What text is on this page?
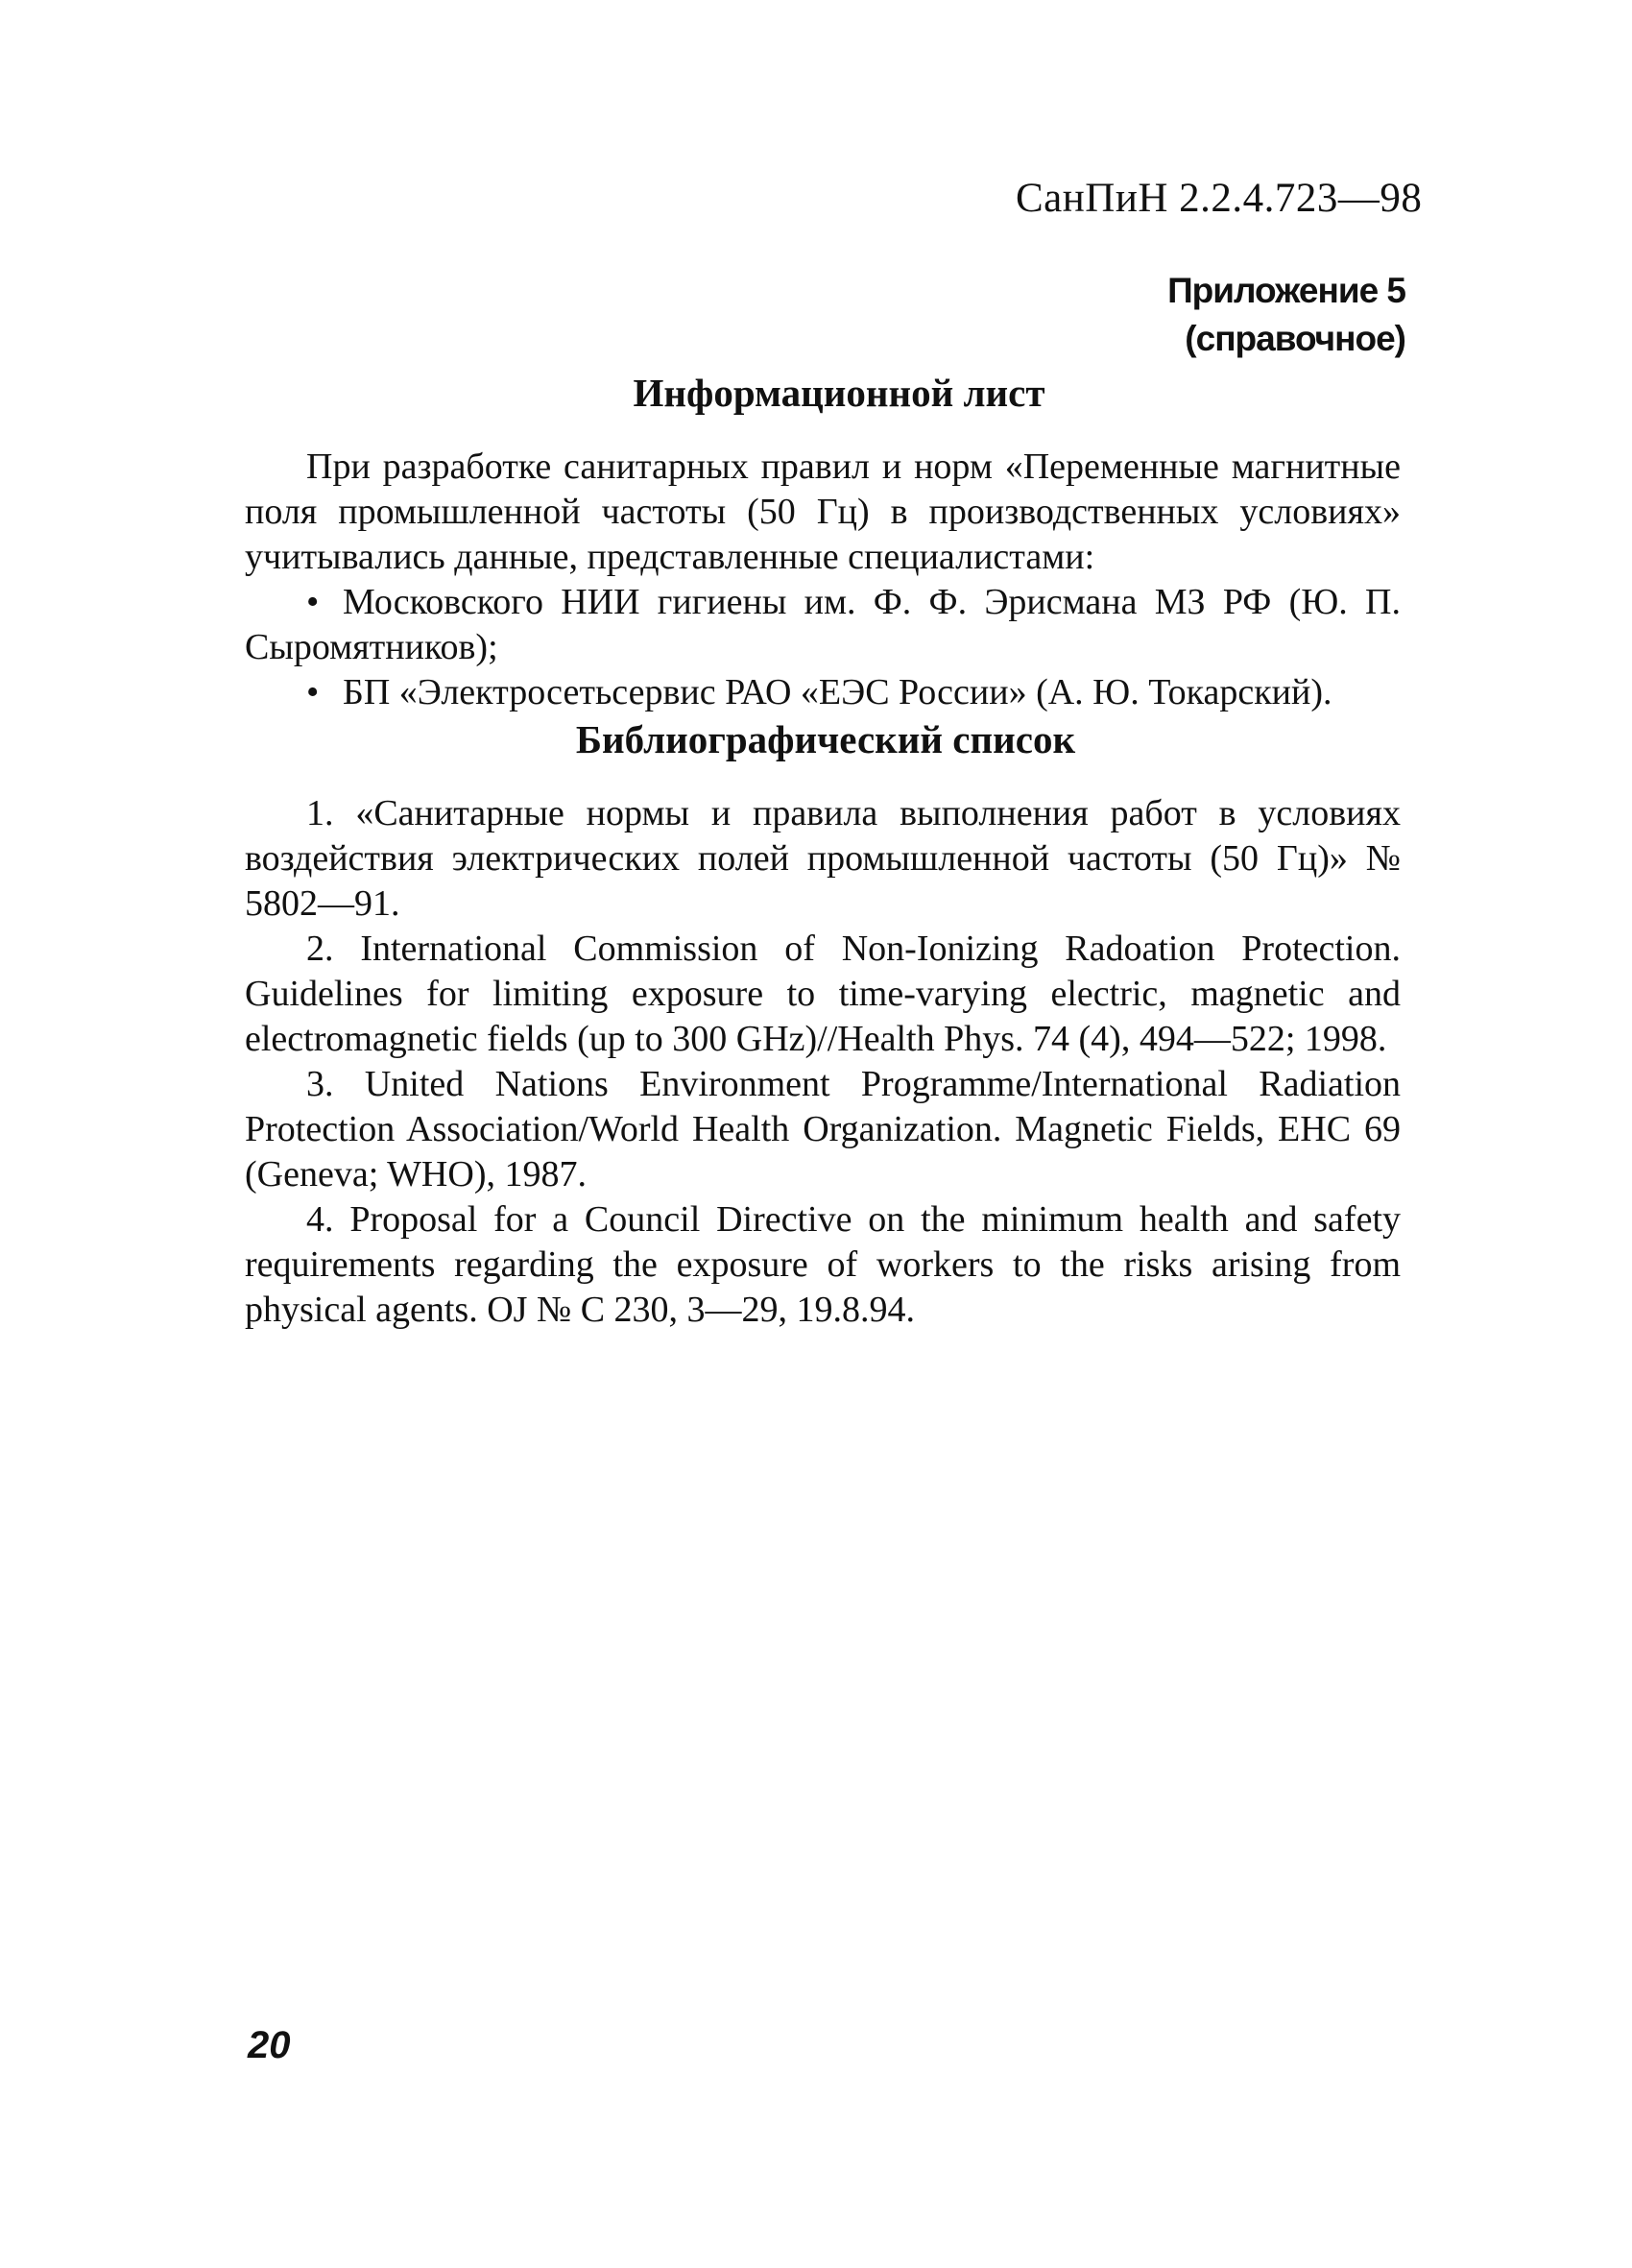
СанПиН 2.2.4.723—98
Приложение 5
(справочное)
Информационной лист

При разработке санитарных правил и норм «Переменные магнитные поля промышленной частоты (50 Гц) в производственных условиях» учитывались данные, представленные специалистами:

• Московского НИИ гигиены им. Ф. Ф. Эрисмана МЗ РФ (Ю. П. Сыромятников);

• БП «Электросетьсервис РАО «ЕЭС России» (А. Ю. Токарский).

Библиографический список

1. «Санитарные нормы и правила выполнения работ в условиях воздействия электрических полей промышленной частоты (50 Гц)» № 5802—91.

2. International Commission of Non-Ionizing Radoation Protection. Guidelines for limiting exposure to time-varying electric, magnetic and electromagnetic fields (up to 300 GHz)//Health Phys. 74 (4), 494—522; 1998.

3. United Nations Environment Programme/International Radiation Protection Association/World Health Organization. Magnetic Fields, EHC 69 (Geneva; WHO), 1987.

4. Proposal for a Council Directive on the minimum health and safety requirements regarding the exposure of workers to the risks arising from physical agents. OJ № C 230, 3—29, 19.8.94.

20
